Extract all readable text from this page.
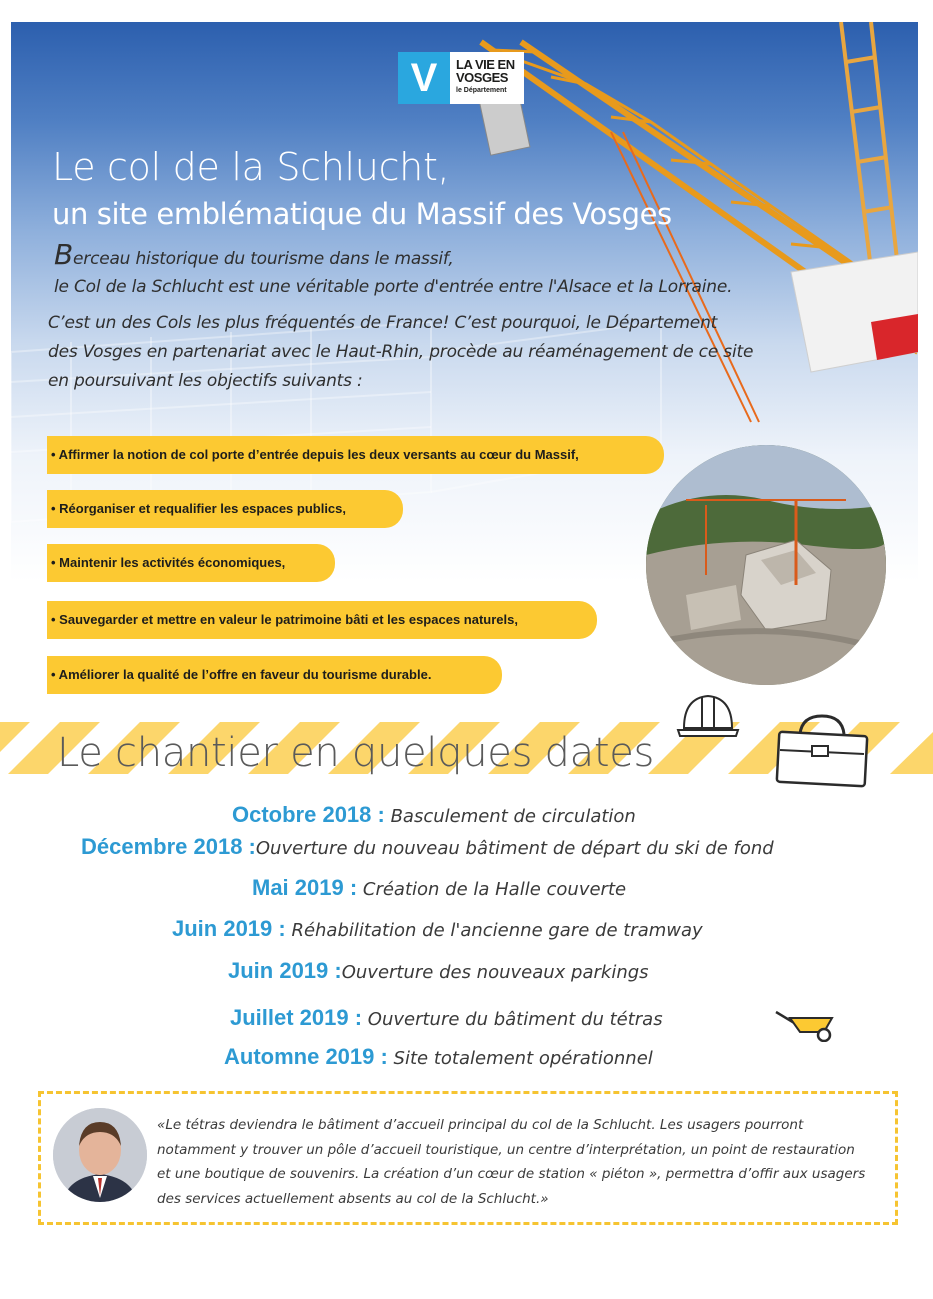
V	LA VIE EN
VOSGES
le Département
Le col de la Schlucht,
un site emblématique du Massif des Vosges
Berceau historique du tourisme dans le massif,
le Col de la Schlucht est une véritable porte d'entrée entre l'Alsace et la Lorraine.
C’est un des Cols les plus fréquentés de France! C’est pourquoi, le Département
des Vosges en partenariat avec le Haut-Rhin, procède au réaménagement de ce site
en poursuivant les objectifs suivants :
• Affirmer la notion de col porte d’entrée depuis les deux versants au cœur du Massif,
• Réorganiser et requalifier les espaces publics,
• Maintenir les activités économiques,
• Sauvegarder et mettre en valeur le patrimoine bâti et les espaces naturels,
• Améliorer la qualité de l’offre en faveur du tourisme durable.
Le chantier en quelques dates
Octobre 2018 : Basculement de circulation
Décembre 2018 :Ouverture du nouveau bâtiment de départ du ski de fond
Mai 2019 : Création de la Halle couverte
Juin 2019 : Réhabilitation de l'ancienne gare de tramway
Juin 2019 :Ouverture des nouveaux parkings
Juillet 2019 : Ouverture du bâtiment du tétras
Automne 2019 : Site totalement opérationnel
«Le tétras deviendra le bâtiment d’accueil principal du col de la Schlucht. Les usagers pourront
notamment y trouver un pôle d’accueil touristique, un centre d’interprétation, un point de restauration
et une boutique de souvenirs. La création d’un cœur de station « piéton », permettra d’offir aux usagers
des services actuellement absents au col de la Schlucht.»
